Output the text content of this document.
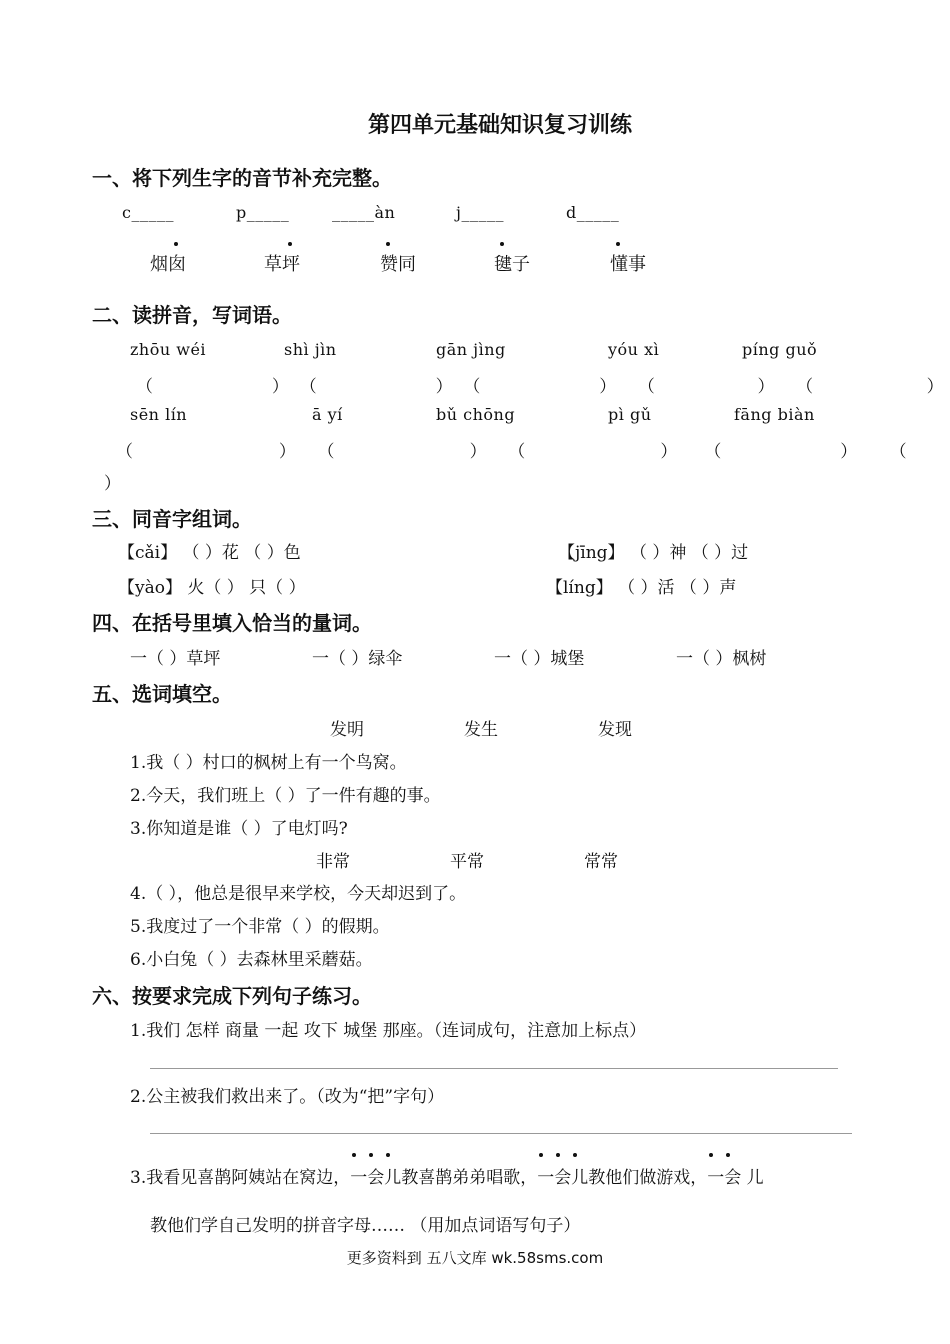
第四单元基础知识复习训练
一、将下列生字的音节补充完整。
c_____	p_____	_____àn	j_____	d_____
烟囱	草坪	赞同	毽子	懂事
二、读拼音，写词语。
zhōu wéi	shì jìn	gān jìng	yóu xì	píng guǒ
（                      ）  （                      ）  （                      ）    （                   ）    （                     ）
sēn lín	ā yí	bǔ chōng	pì gǔ	fāng biàn
（                           ）    （                         ）    （                         ）     （                      ）      （
）
三、同音字组词。
【cǎi】 （ ）花 （ ）色	【jīng】 （ ）神 （ ）过
【yào】 火（ ） 只（ ）	【líng】 （ ）活 （ ）声
四、在括号里填入恰当的量词。
一（ ）草坪	一（ ）绿伞	一（ ）城堡	一（ ）枫树
五、选词填空。
发明	发生	发现
1.我（ ）村口的枫树上有一个鸟窝。
2.今天，我们班上（ ）了一件有趣的事。
3.你知道是谁（ ）了电灯吗?
非常	平常	常常
4.（ ），他总是很早来学校，今天却迟到了。
5.我度过了一个非常（ ）的假期。
6.小白兔（ ）去森林里采蘑菇。
六、按要求完成下列句子练习。
1.我们 怎样 商量 一起 攻下 城堡 那座。（连词成句，注意加上标点）
2.公主被我们救出来了。（改为“把”字句）
3.我看见喜鹊阿姨站在窝边，
一会儿教喜鹊弟弟唱歌，
一会儿教他们做游戏，
一会 儿
教他们学自己发明的拼音字母…… （用加点词语写句子）
更多资料到 五八文库 wk.58sms.com
